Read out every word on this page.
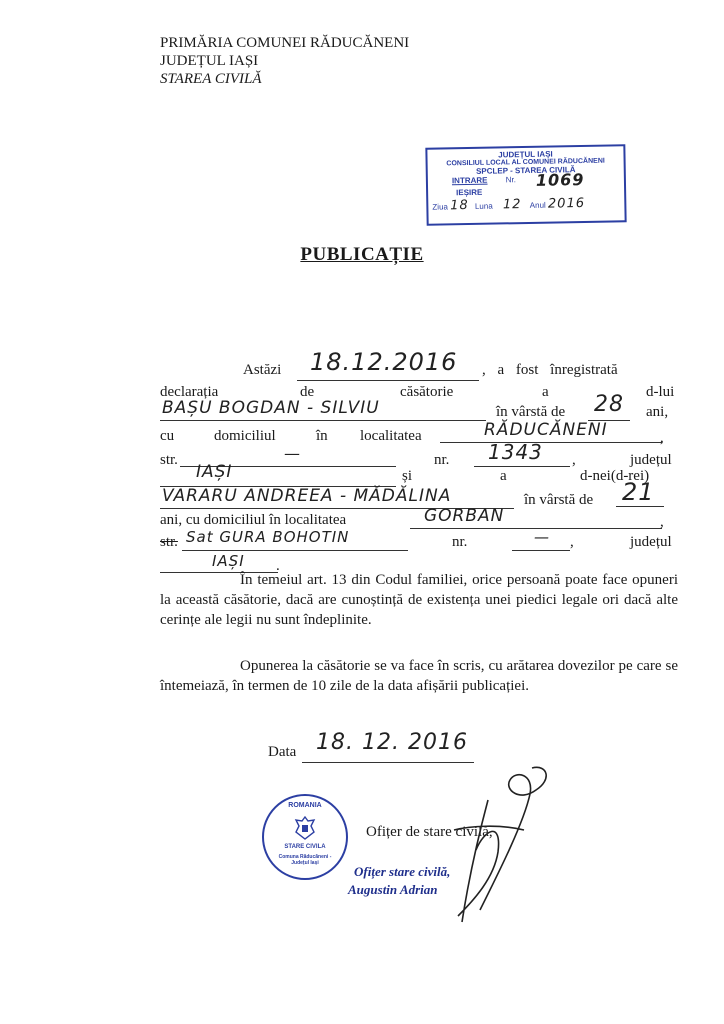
PRIMĂRIA COMUNEI RĂDUCĂNENI
JUDEȚUL IAȘI
STAREA CIVILĂ
JUDEȚUL IAȘI
CONSILIUL LOCAL AL COMUNEI RĂDUCĂNENI
SPCLEP - STAREA CIVILĂ
INTRARE Nr. 1069
IEȘIRE
Ziua 18 Luna 12 Anul 2016
PUBLICAȚIE
Astăzi 18.12.2016 , a fost înregistrată
declarația	de	căsătorie	a	d-lui
BAȘU BOGDAN - SILVIU	în vârstă de 28 ani,
cu	domiciliul	în localitatea	RĂDUCĂNENI	,
str.	—	nr. 1343 ,	județul
IAȘI	și	a	d-nei(d-rei)
VARARU ANDREEA - MĂDĂLINA	în vârstă de 21
ani, cu domiciliul în localitatea	GORBAN	,
str. Sat GURA BOHOTIN	nr.	— ,	județul
IAȘI .
În temeiul art. 13 din Codul familiei, orice persoană poate face opuneri la această căsătorie, dacă are cunoștință de existența unei piedici legale ori dacă alte cerințe ale legii nu sunt îndeplinite.
Opunerea la căsătorie se va face în scris, cu arătarea dovezilor pe care se întemeiază, în termen de 10 zile de la data afișării publicației.
Data 18. 12. 2016
ROMANIA
STARE CIVILA
Comuna Răducăneni - Județul Iași
Ofițer de stare civilă,
Ofițer stare civilă,
Augustin Adrian
